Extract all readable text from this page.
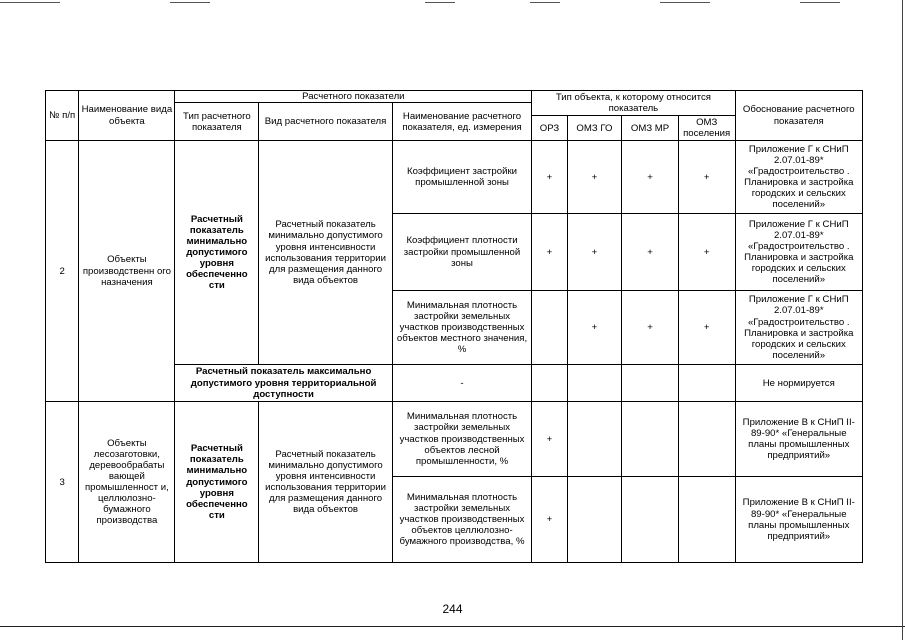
№ п/п	Наименование вида объекта	Расчетного показатели			Тип объекта, к которому относится показатель				Обоснование расчетного показателя
		Тип расчетного показателя	Вид расчетного показателя	Наименование расчетного показателя, ед. измерения					
					ОРЗ	ОМЗ ГО	ОМЗ МР	ОМЗ поселения	
2	Объекты производственн ого назначения	Расчетный показатель минимально допустимого уровня обеспеченно сти	Расчетный показатель минимально допустимого уровня интенсивности использования территории для размещения данного вида объектов	Коэффициент застройки промышленной зоны	+	+	+	+	Приложение Г к СНиП 2.07.01-89* «Градостроительство . Планировка и застройка городских и сельских поселений»
				Коэффициент плотности застройки промышленной зоны	+	+	+	+	Приложение Г к СНиП 2.07.01-89* «Градостроительство . Планировка и застройка городских и сельских поселений»
				Минимальная плотность застройки земельных участков производственных объектов местного значения, %		+	+	+	Приложение Г к СНиП 2.07.01-89* «Градостроительство . Планировка и застройка городских и сельских поселений»
		Расчетный показатель максимально допустимого уровня территориальной доступности		-					Не нормируется
3	Объекты лесозаготовки, деревообрабаты вающей промышленност и, целлюлозно-бумажного производства	Расчетный показатель минимально допустимого уровня обеспеченно сти	Расчетный показатель минимально допустимого уровня интенсивности использования территории для размещения данного вида объектов	Минимальная плотность застройки земельных участков производственных объектов лесной промышленности, %	+				Приложение В к СНиП II-89-90* «Генеральные планы промышленных предприятий»
				Минимальная плотность застройки земельных участков производственных объектов целлюлозно-бумажного производства, %	+				Приложение В к СНиП II-89-90* «Генеральные планы промышленных предприятий»
244
